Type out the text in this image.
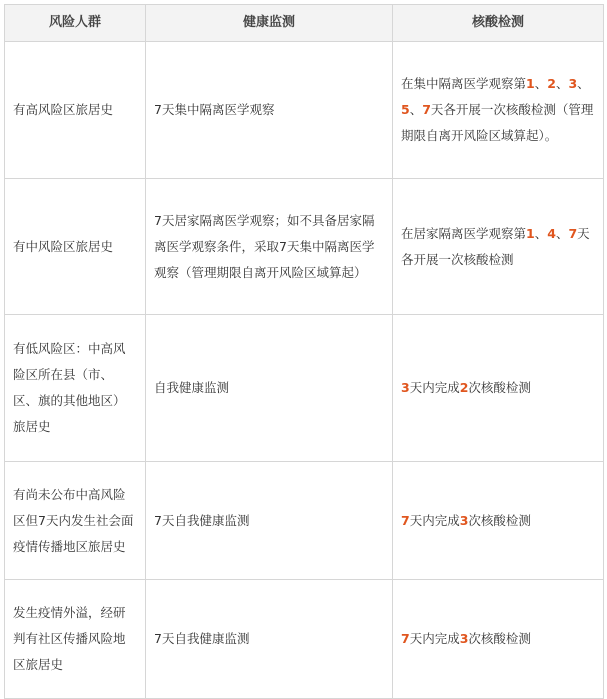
风险人群	健康监测	核酸检测
有高风险区旅居史	7天集中隔离医学观察	在集中隔离医学观察第1、2、3、5、7天各开展一次核酸检测（管理期限自离开风险区域算起）。
有中风险区旅居史	7天居家隔离医学观察；如不具备居家隔离医学观察条件，采取7天集中隔离医学观察（管理期限自离开风险区域算起）	在居家隔离医学观察第1、4、7天各开展一次核酸检测
有低风险区：中高风险区所在县（市、区、旗的其他地区）旅居史	自我健康监测	3天内完成2次核酸检测
有尚未公布中高风险区但7天内发生社会面疫情传播地区旅居史	7天自我健康监测	7天内完成3次核酸检测
发生疫情外溢，经研判有社区传播风险地区旅居史	7天自我健康监测	7天内完成3次核酸检测
